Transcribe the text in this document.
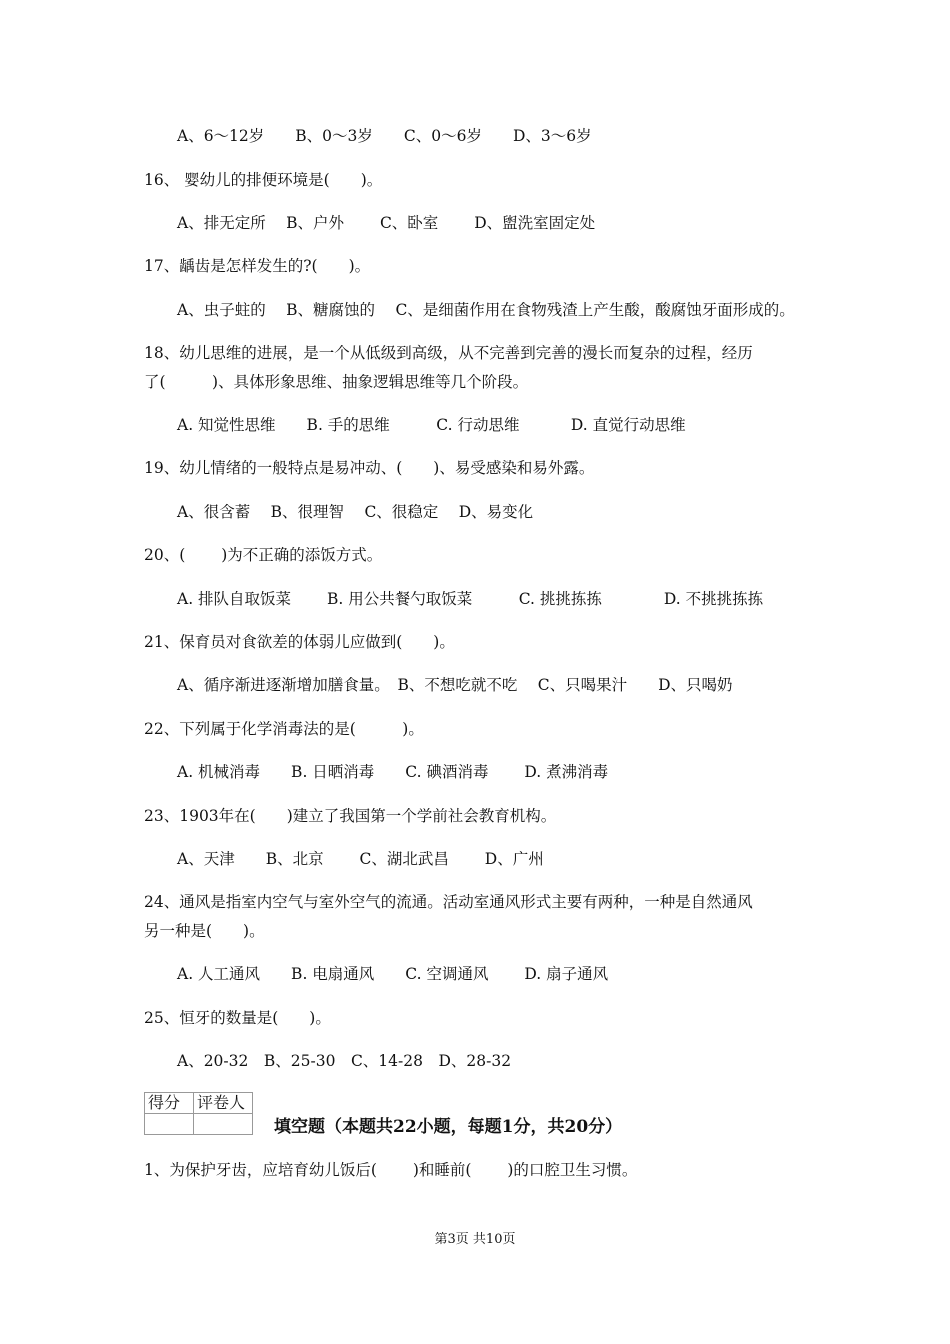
A、6～12岁　　B、0～3岁　　C、0～6岁　　D、3～6岁
16、 婴幼儿的排便环境是(　　)。
A、排无定所　 B、户外　　 C、卧室　　 D、盥洗室固定处
17、龋齿是怎样发生的?(　　)。
A、虫子蛀的　 B、糖腐蚀的　 C、是细菌作用在食物残渣上产生酸，酸腐蚀牙面形成的。
18、幼儿思维的进展，是一个从低级到高级，从不完善到完善的漫长而复杂的过程，经历
了(　　　)、具体形象思维、抽象逻辑思维等几个阶段。
A. 知觉性思维　　B. 手的思维　　　C. 行动思维　　　 D. 直觉行动思维
19、幼儿情绪的一般特点是易冲动、(　　)、易受感染和易外露。
A、很含蓄　 B、很理智　 C、很稳定　 D、易变化
20、(　　 )为不正确的添饭方式。
A. 排队自取饭菜　　 B. 用公共餐勺取饭菜　　　C. 挑挑拣拣　　　　D. 不挑挑拣拣
21、保育员对食欲差的体弱儿应做到(　　)。
A、循序渐进逐渐增加膳食量。　B、不想吃就不吃　 C、只喝果汁　　D、只喝奶
22、下列属于化学消毒法的是(　　　)。
A. 机械消毒　　B. 日晒消毒　　C. 碘酒消毒　　 D. 煮沸消毒
23、1903年在(　　)建立了我国第一个学前社会教育机构。
A、天津　　B、北京　　 C、湖北武昌　　 D、广州
24、通风是指室内空气与室外空气的流通。活动室通风形式主要有两种，一种是自然通风
另一种是(　　)。
A. 人工通风　　B. 电扇通风　　C. 空调通风　　 D. 扇子通风
25、恒牙的数量是(　　)。
A、20-32　B、25-30　C、14-28　D、28-32
得分	评卷人

填空题（本题共22小题，每题1分，共20分）
1、为保护牙齿，应培育幼儿饭后(　　 )和睡前(　　 )的口腔卫生习惯。
第3页 共10页
